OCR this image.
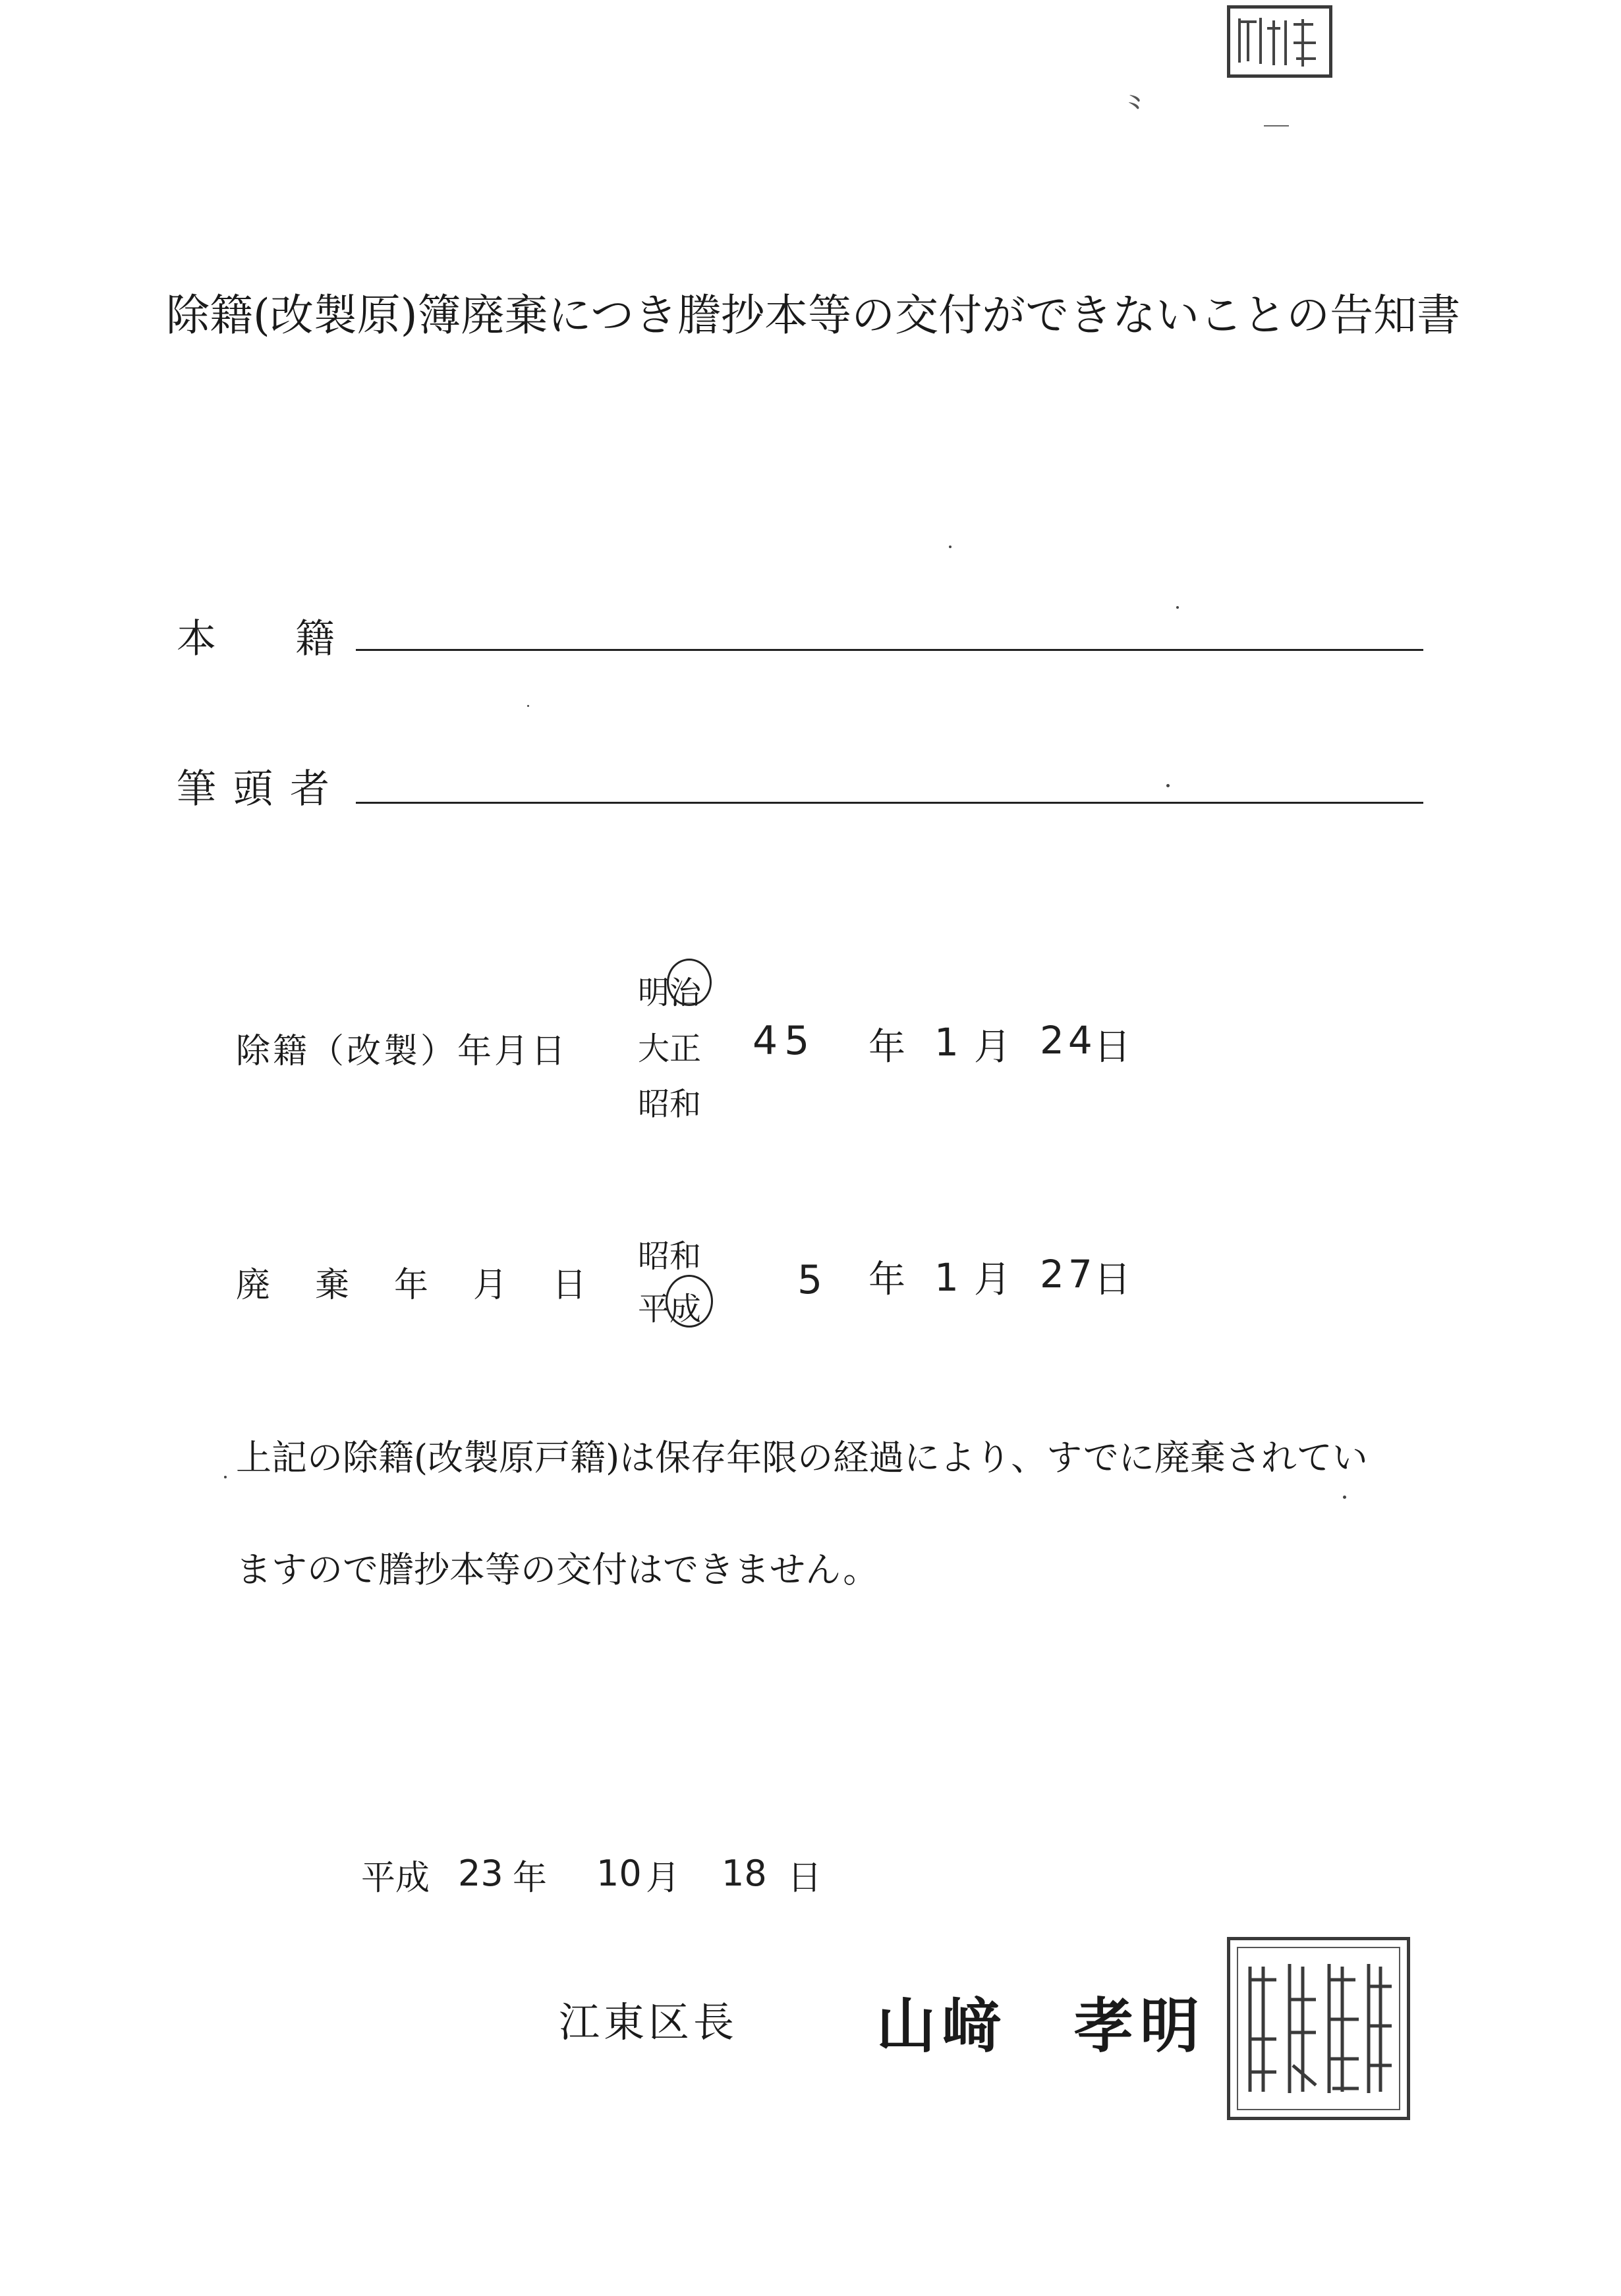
⺀
除籍(改製原)簿廃棄につき謄抄本等の交付ができないことの告知書
本　　籍
筆頭者
除籍（改製）年月日
明治
大正
昭和
45 年 1 月 24
日
廃　棄　年　月　日
昭和
平成
5 年 1 月 27
日
上記の除籍(改製原戸籍)は保存年限の経過により、すでに廃棄されてい
ますので謄抄本等の交付はできません。
平成 23 年 10 月 18 日
江東区長 山﨑　孝明
